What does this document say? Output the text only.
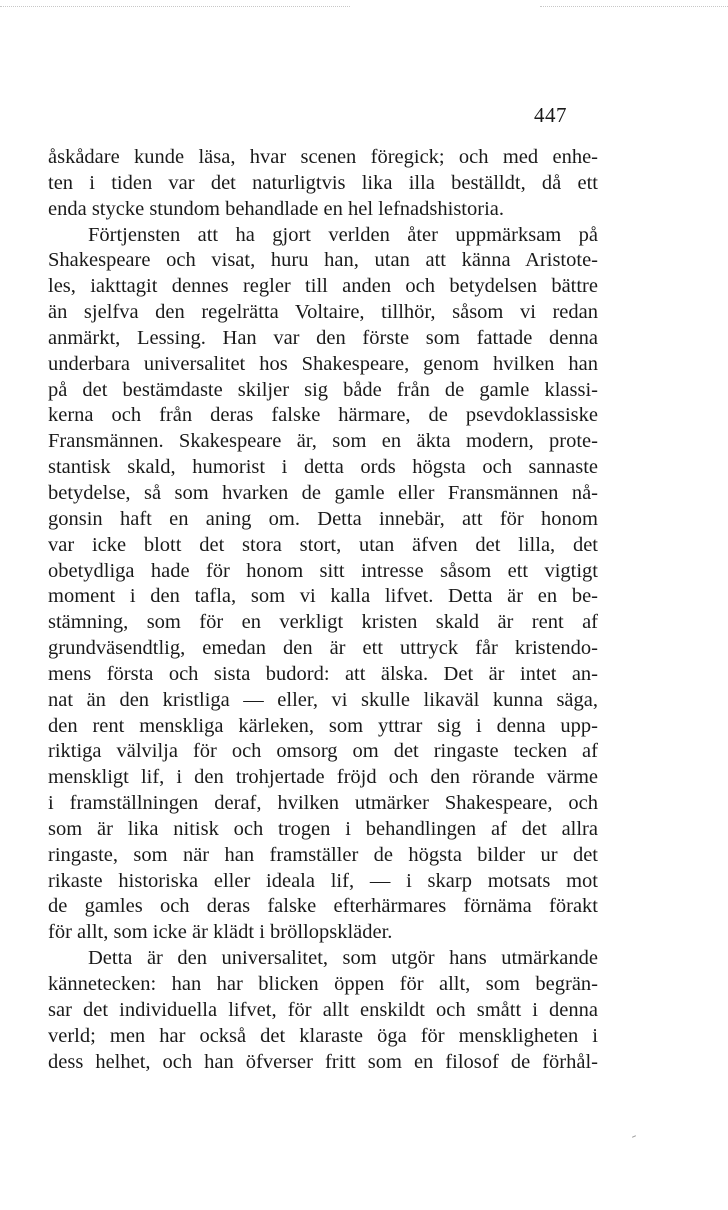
447
åskådare kunde läsa, hvar scenen föregick; och med enhe-
ten i tiden var det naturligtvis lika illa beställdt, då ett
enda stycke stundom behandlade en hel lefnadshistoria.
Förtjensten att ha gjort verlden åter uppmärksam på
Shakespeare och visat, huru han, utan att känna Aristote-
les, iakttagit dennes regler till anden och betydelsen bättre
än sjelfva den regelrätta Voltaire, tillhör, såsom vi redan
anmärkt, Lessing. Han var den förste som fattade denna
underbara universalitet hos Shakespeare, genom hvilken han
på det bestämdaste skiljer sig både från de gamle klassi-
kerna och från deras falske härmare, de psevdoklassiske
Fransmännen. Skakespeare är, som en äkta modern, prote-
stantisk skald, humorist i detta ords högsta och sannaste
betydelse, så som hvarken de gamle eller Fransmännen nå-
gonsin haft en aning om. Detta innebär, att för honom
var icke blott det stora stort, utan äfven det lilla, det
obetydliga hade för honom sitt intresse såsom ett vigtigt
moment i den tafla, som vi kalla lifvet. Detta är en be-
stämning, som för en verkligt kristen skald är rent af
grundväsendtlig, emedan den är ett uttryck får kristendo-
mens första och sista budord: att älska. Det är intet an-
nat än den kristliga — eller, vi skulle likaväl kunna säga,
den rent menskliga kärleken, som yttrar sig i denna upp-
riktiga välvilja för och omsorg om det ringaste tecken af
menskligt lif, i den trohjertade fröjd och den rörande värme
i framställningen deraf, hvilken utmärker Shakespeare, och
som är lika nitisk och trogen i behandlingen af det allra
ringaste, som när han framställer de högsta bilder ur det
rikaste historiska eller ideala lif, — i skarp motsats mot
de gamles och deras falske efterhärmares förnäma förakt
för allt, som icke är klädt i bröllopskläder.
Detta är den universalitet, som utgör hans utmärkande
kännetecken: han har blicken öppen för allt, som begrän-
sar det individuella lifvet, för allt enskildt och smått i denna
verld; men har också det klaraste öga för menskligheten i
dess helhet, och han öfverser fritt som en filosof de förhål-
